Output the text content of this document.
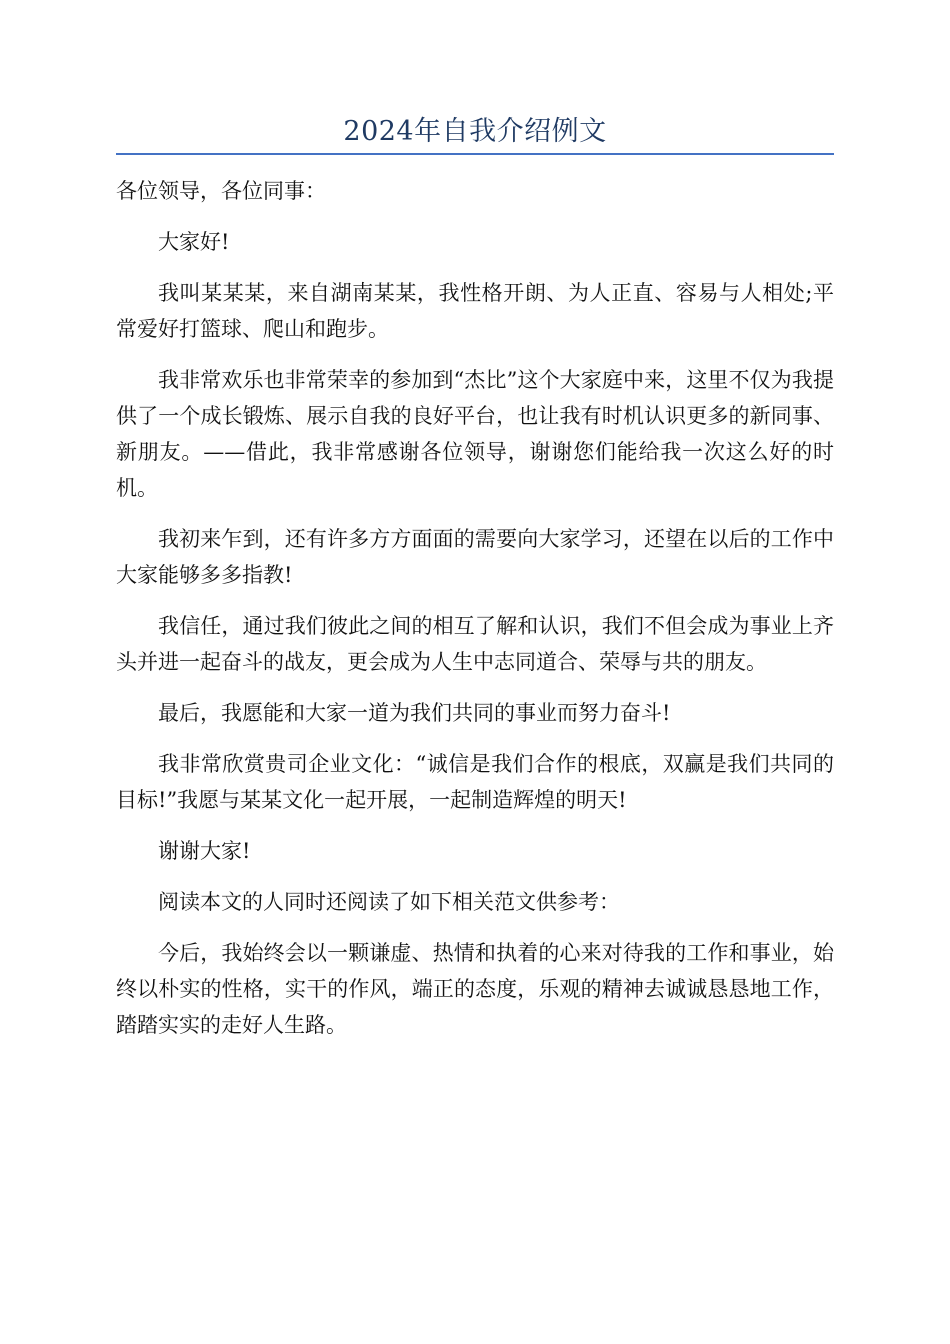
2024年自我介绍例文

各位领导，各位同事：

大家好!

我叫某某某，来自湖南某某，我性格开朗、为人正直、容易与人相处;平常爱好打篮球、爬山和跑步。

我非常欢乐也非常荣幸的参加到“杰比”这个大家庭中来，这里不仅为我提供了一个成长锻炼、展示自我的良好平台，也让我有时机认识更多的新同事、新朋友。——借此，我非常感谢各位领导，谢谢您们能给我一次这么好的时机。

我初来乍到，还有许多方方面面的需要向大家学习，还望在以后的工作中大家能够多多指教!

我信任，通过我们彼此之间的相互了解和认识，我们不但会成为事业上齐头并进一起奋斗的战友，更会成为人生中志同道合、荣辱与共的朋友。

最后，我愿能和大家一道为我们共同的事业而努力奋斗!

我非常欣赏贵司企业文化：“诚信是我们合作的根底，双赢是我们共同的目标!”我愿与某某文化一起开展，一起制造辉煌的明天!

谢谢大家!

阅读本文的人同时还阅读了如下相关范文供参考：

今后，我始终会以一颗谦虚、热情和执着的心来对待我的工作和事业，始终以朴实的性格，实干的作风，端正的态度，乐观的精神去诚诚恳恳地工作，踏踏实实的走好人生路。
